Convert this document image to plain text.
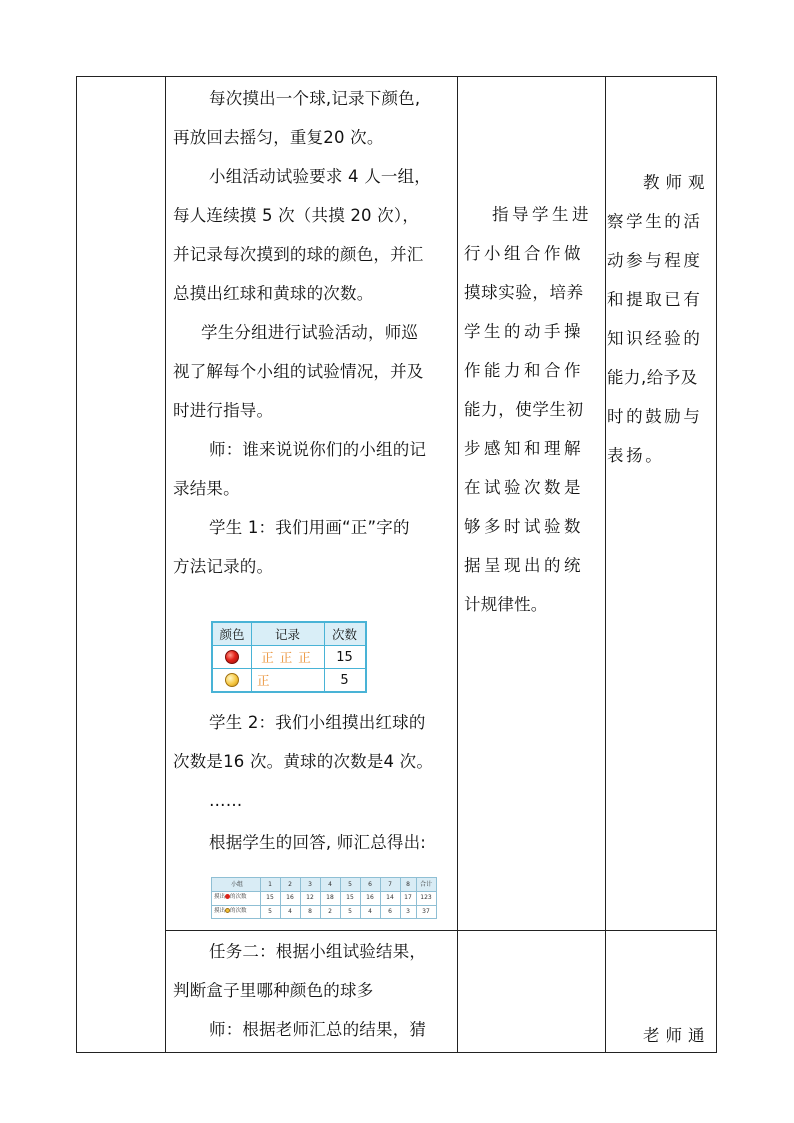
每次摸出一个球,记录下颜色,
再放回去摇匀，重复20 次。
小组活动试验要求 4 人一组，
每人连续摸 5 次（共摸 20 次），
并记录每次摸到的球的颜色，并汇
总摸出红球和黄球的次数。
学生分组进行试验活动，师巡
视了解每个小组的试验情况，并及
时进行指导。
师：谁来说说你们的小组的记
录结果。
学生 1：我们用画“正”字的
方法记录的。
颜色	记录	次数
正正正	15
正	5
学生 2：我们小组摸出红球的
次数是16 次。黄球的次数是4 次。
……
根据学生的回答, 师汇总得出:
小组	1	2	3	4	5	6	7	8	合计
摸出 的次数	15	16	12	18	15	16	14	17	123
摸出 的次数	5	4	8	2	5	4	6	3	37
任务二：根据小组试验结果，
判断盒子里哪种颜色的球多
师：根据老师汇总的结果，猜
指导学生进
行小组合作做
摸球实验，培养
学生的动手操
作能力和合作
能力，使学生初
步感知和理解
在试验次数是
够多时试验数
据呈现出的统
计规律性。
教师观
察学生的活
动参与程度
和提取已有
知识经验的
能力,给予及
时的鼓励与
表扬。
老师通
